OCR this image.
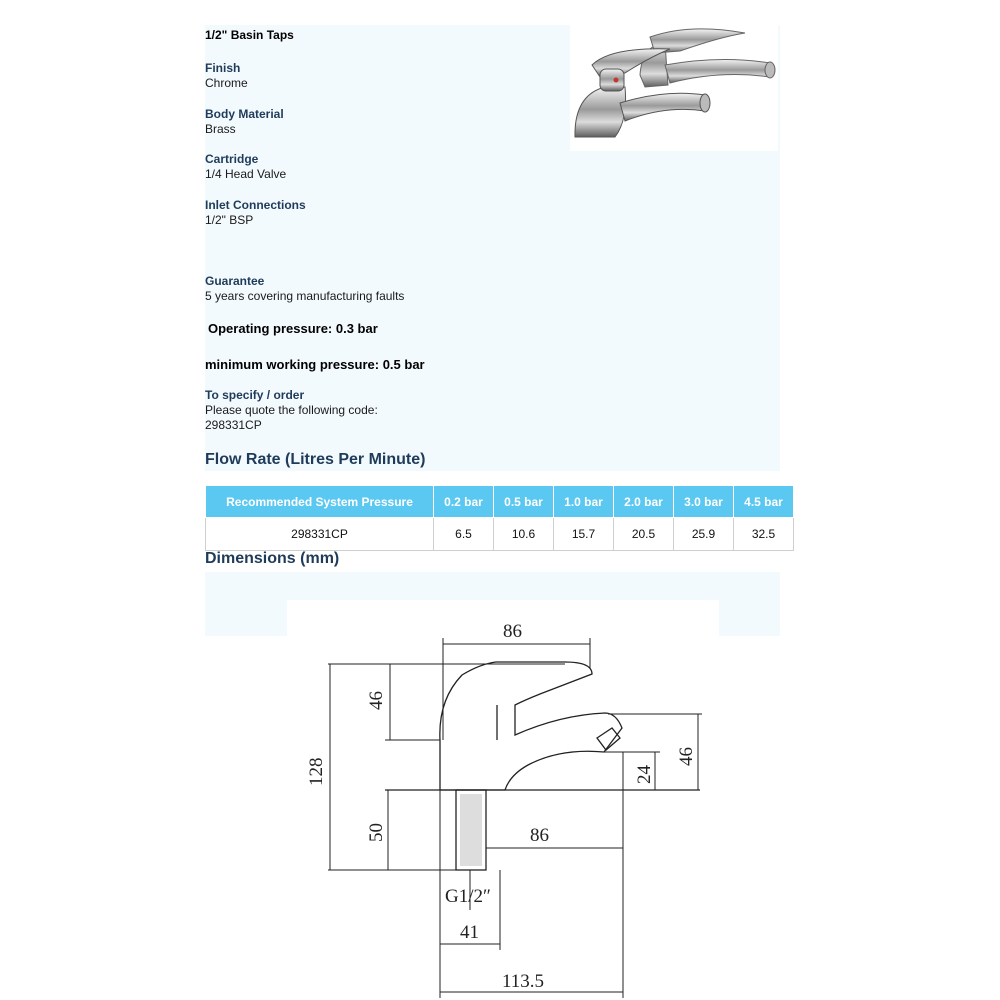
1/2" Basin Taps
Finish
Chrome
Body Material
Brass
Cartridge
1/4 Head Valve
Inlet Connections
1/2" BSP
Guarantee
5 years covering manufacturing faults
Operating pressure: 0.3 bar
minimum working pressure: 0.5 bar
To specify / order
Please quote the following code:
298331CP
Flow Rate (Litres Per Minute)
Recommended System Pressure	0.2 bar	0.5 bar	1.0 bar	2.0 bar	3.0 bar	4.5 bar
298331CP	6.5	10.6	15.7	20.5	25.9	32.5
Dimensions (mm)
86
46
128
50
46
24
86
G1/2″
41
113.5
